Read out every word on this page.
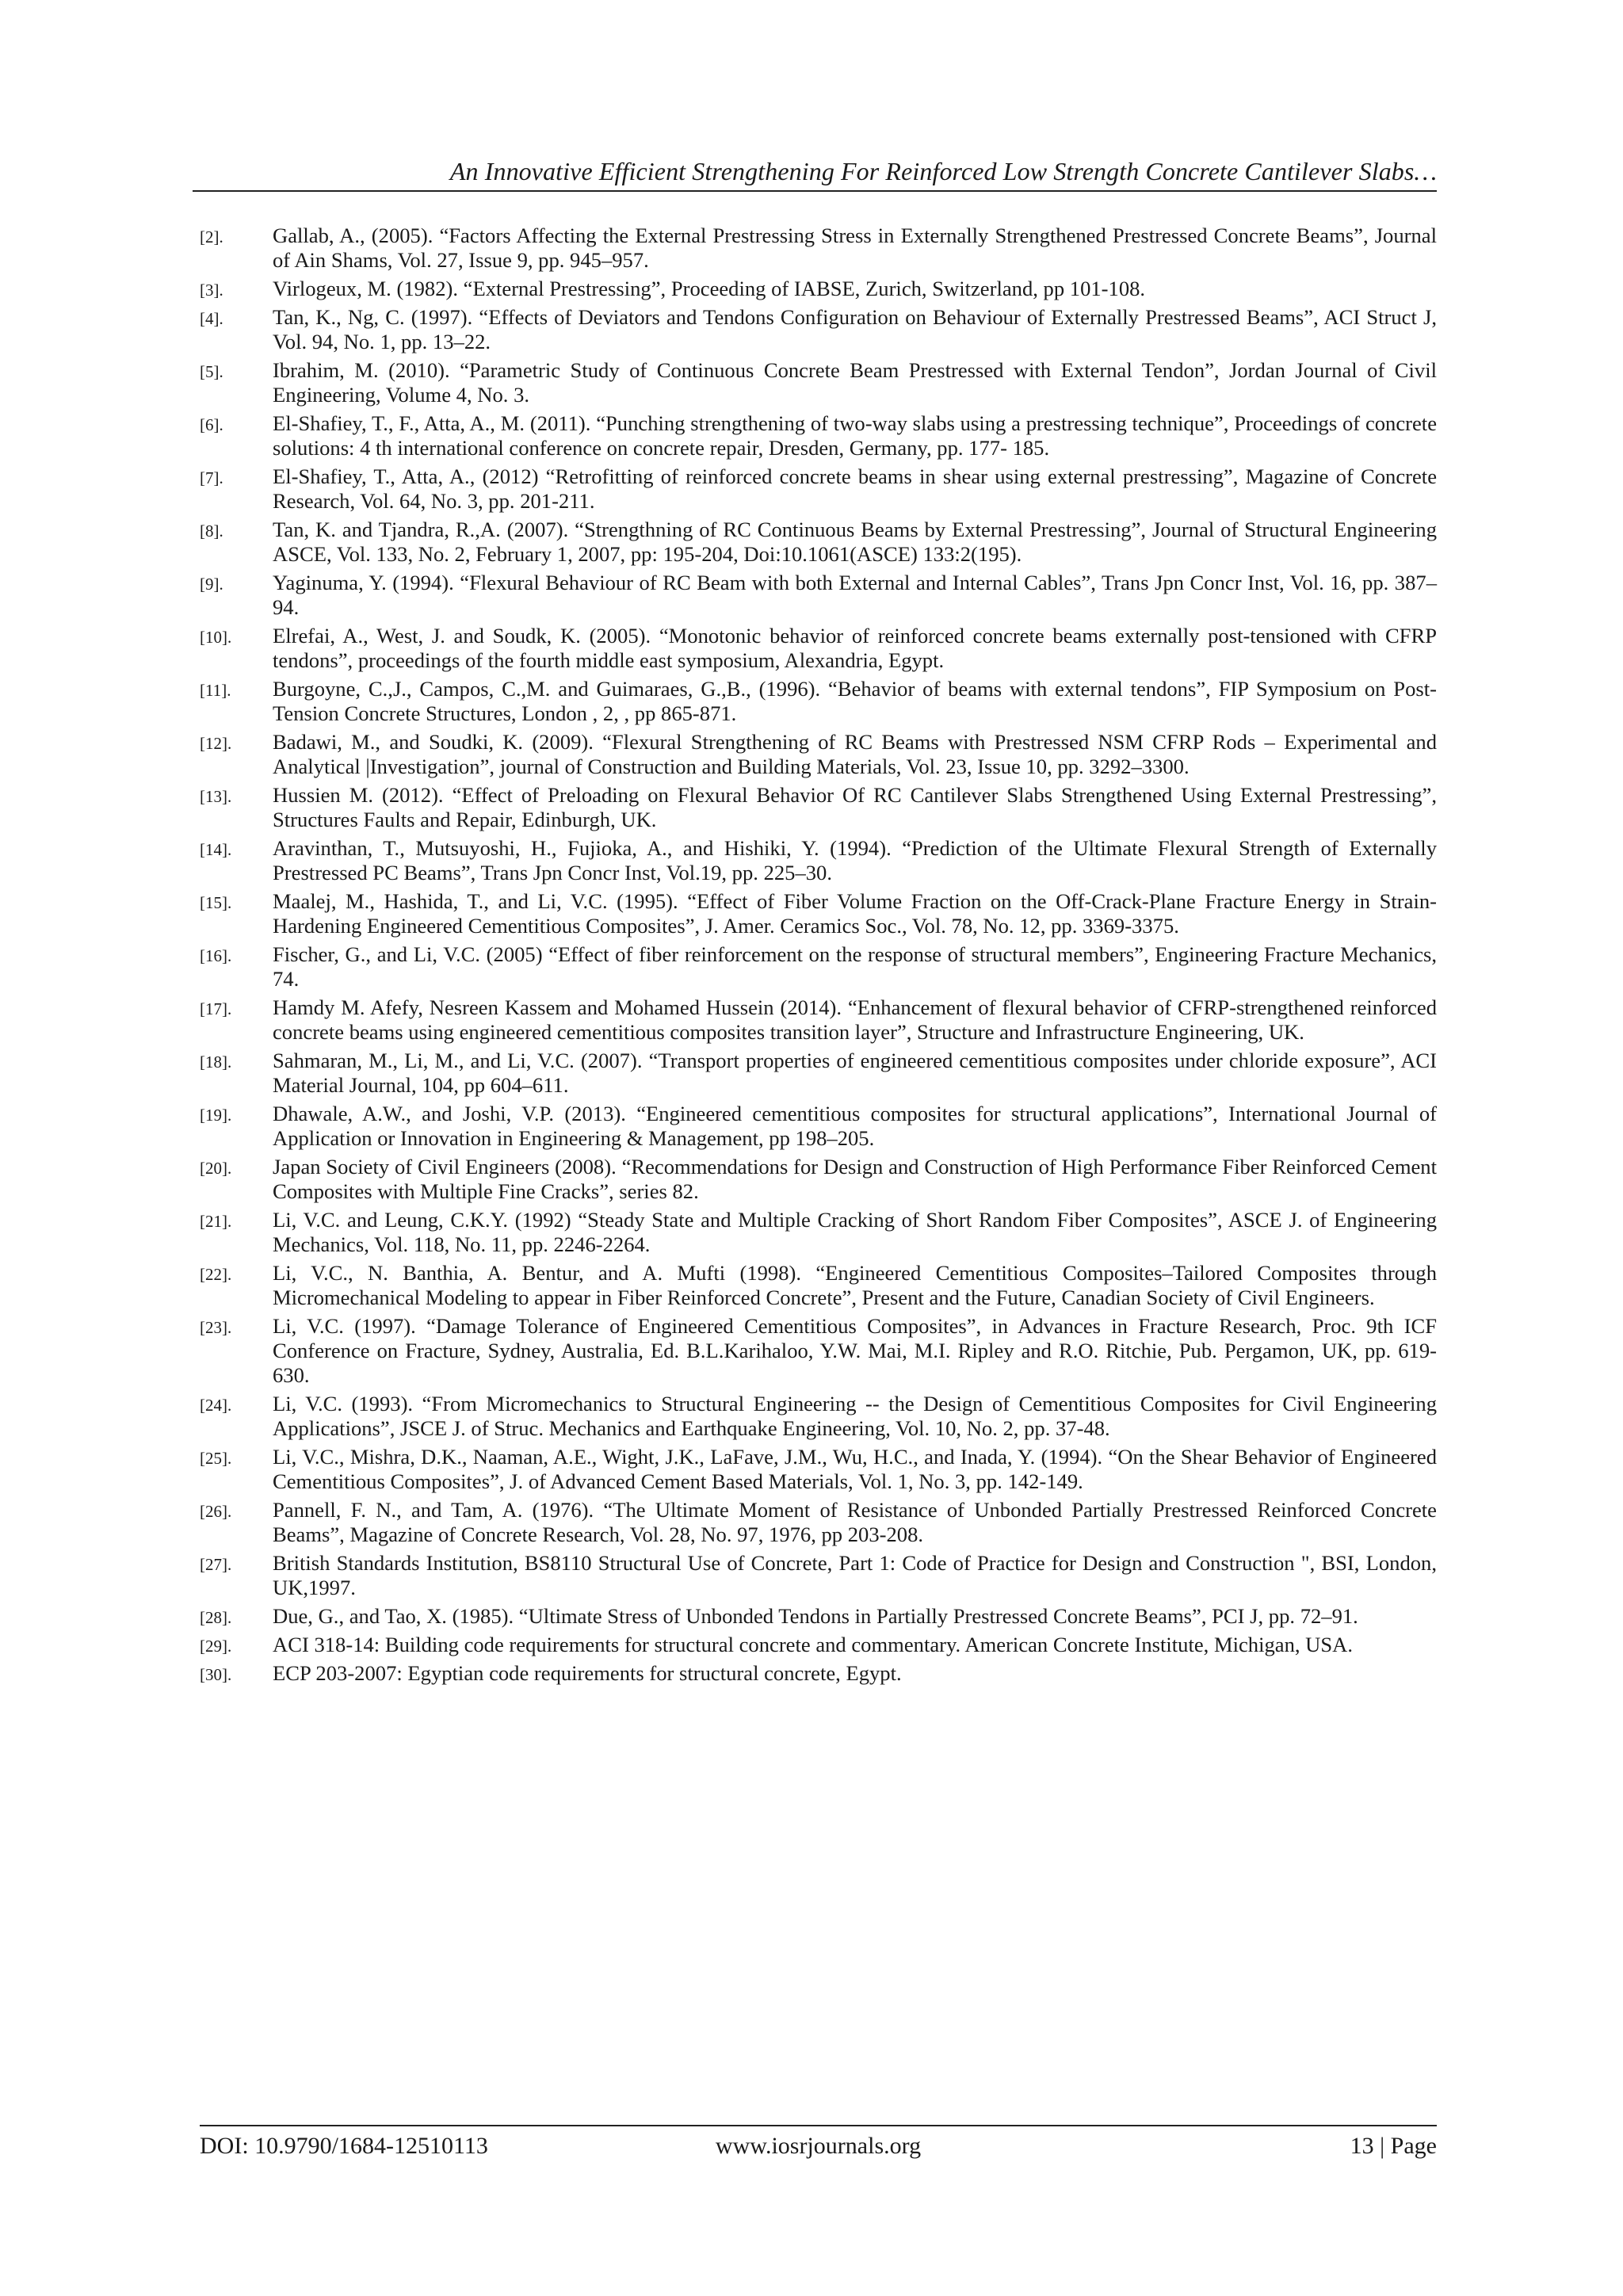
An Innovative Efficient Strengthening For Reinforced Low Strength Concrete Cantilever Slabs…
[2]. Gallab, A., (2005). “Factors Affecting the External Prestressing Stress in Externally Strengthened Prestressed Concrete Beams”, Journal of Ain Shams, Vol. 27, Issue 9, pp. 945–957.
[3]. Virlogeux, M. (1982). “External Prestressing”, Proceeding of IABSE, Zurich, Switzerland, pp 101-108.
[4]. Tan, K., Ng, C. (1997). “Effects of Deviators and Tendons Configuration on Behaviour of Externally Prestressed Beams”, ACI Struct J, Vol. 94, No. 1, pp. 13–22.
[5]. Ibrahim, M. (2010). “Parametric Study of Continuous Concrete Beam Prestressed with External Tendon”, Jordan Journal of Civil Engineering, Volume 4, No. 3.
[6]. El-Shafiey, T., F., Atta, A., M. (2011). “Punching strengthening of two-way slabs using a prestressing technique”, Proceedings of concrete solutions: 4 th international conference on concrete repair, Dresden, Germany, pp. 177- 185.
[7]. El-Shafiey, T., Atta, A., (2012) “Retrofitting of reinforced concrete beams in shear using external prestressing”, Magazine of Concrete Research, Vol. 64, No. 3, pp. 201-211.
[8]. Tan, K. and Tjandra, R.,A. (2007). “Strengthning of RC Continuous Beams by External Prestressing”, Journal of Structural Engineering ASCE, Vol. 133, No. 2, February 1, 2007, pp: 195-204, Doi:10.1061(ASCE) 133:2(195).
[9]. Yaginuma, Y. (1994). “Flexural Behaviour of RC Beam with both External and Internal Cables”, Trans Jpn Concr Inst, Vol. 16, pp. 387–94.
[10]. Elrefai, A., West, J. and Soudk, K. (2005). “Monotonic behavior of reinforced concrete beams externally post-tensioned with CFRP tendons”, proceedings of the fourth middle east symposium, Alexandria, Egypt.
[11]. Burgoyne, C.,J., Campos, C.,M. and Guimaraes, G.,B., (1996). “Behavior of beams with external tendons”, FIP Symposium on Post-Tension Concrete Structures, London , 2, , pp 865-871.
[12]. Badawi, M., and Soudki, K. (2009). “Flexural Strengthening of RC Beams with Prestressed NSM CFRP Rods – Experimental and Analytical |Investigation”, journal of Construction and Building Materials, Vol. 23, Issue 10, pp. 3292–3300.
[13]. Hussien M. (2012). “Effect of Preloading on Flexural Behavior Of RC Cantilever Slabs Strengthened Using External Prestressing”, Structures Faults and Repair, Edinburgh, UK.
[14]. Aravinthan, T., Mutsuyoshi, H., Fujioka, A., and Hishiki, Y. (1994). “Prediction of the Ultimate Flexural Strength of Externally Prestressed PC Beams”, Trans Jpn Concr Inst, Vol.19, pp. 225–30.
[15]. Maalej, M., Hashida, T., and Li, V.C. (1995). “Effect of Fiber Volume Fraction on the Off-Crack-Plane Fracture Energy in Strain-Hardening Engineered Cementitious Composites”, J. Amer. Ceramics Soc., Vol. 78, No. 12, pp. 3369-3375.
[16]. Fischer, G., and Li, V.C. (2005) “Effect of fiber reinforcement on the response of structural members”, Engineering Fracture Mechanics, 74.
[17]. Hamdy M. Afefy, Nesreen Kassem and Mohamed Hussein (2014). “Enhancement of flexural behavior of CFRP-strengthened reinforced concrete beams using engineered cementitious composites transition layer”, Structure and Infrastructure Engineering, UK.
[18]. Sahmaran, M., Li, M., and Li, V.C. (2007). “Transport properties of engineered cementitious composites under chloride exposure”, ACI Material Journal, 104, pp 604–611.
[19]. Dhawale, A.W., and Joshi, V.P. (2013). “Engineered cementitious composites for structural applications”, International Journal of Application or Innovation in Engineering & Management, pp 198–205.
[20]. Japan Society of Civil Engineers (2008). “Recommendations for Design and Construction of High Performance Fiber Reinforced Cement Composites with Multiple Fine Cracks”, series 82.
[21]. Li, V.C. and Leung, C.K.Y. (1992) “Steady State and Multiple Cracking of Short Random Fiber Composites”, ASCE J. of Engineering Mechanics, Vol. 118, No. 11, pp. 2246-2264.
[22]. Li, V.C., N. Banthia, A. Bentur, and A. Mufti (1998). “Engineered Cementitious Composites–Tailored Composites through Micromechanical Modeling to appear in Fiber Reinforced Concrete”, Present and the Future, Canadian Society of Civil Engineers.
[23]. Li, V.C. (1997). “Damage Tolerance of Engineered Cementitious Composites”, in Advances in Fracture Research, Proc. 9th ICF Conference on Fracture, Sydney, Australia, Ed. B.L.Karihaloo, Y.W. Mai, M.I. Ripley and R.O. Ritchie, Pub. Pergamon, UK, pp. 619-630.
[24]. Li, V.C. (1993). “From Micromechanics to Structural Engineering -- the Design of Cementitious Composites for Civil Engineering Applications”, JSCE J. of Struc. Mechanics and Earthquake Engineering, Vol. 10, No. 2, pp. 37-48.
[25]. Li, V.C., Mishra, D.K., Naaman, A.E., Wight, J.K., LaFave, J.M., Wu, H.C., and Inada, Y. (1994). “On the Shear Behavior of Engineered Cementitious Composites”, J. of Advanced Cement Based Materials, Vol. 1, No. 3, pp. 142-149.
[26]. Pannell, F. N., and Tam, A. (1976). “The Ultimate Moment of Resistance of Unbonded Partially Prestressed Reinforced Concrete Beams”, Magazine of Concrete Research, Vol. 28, No. 97, 1976, pp 203-208.
[27]. British Standards Institution, BS8110 Structural Use of Concrete, Part 1: Code of Practice for Design and Construction ", BSI, London, UK,1997.
[28]. Due, G., and Tao, X. (1985). “Ultimate Stress of Unbonded Tendons in Partially Prestressed Concrete Beams”, PCI J, pp. 72–91.
[29]. ACI 318-14: Building code requirements for structural concrete and commentary. American Concrete Institute, Michigan, USA.
[30]. ECP 203-2007: Egyptian code requirements for structural concrete, Egypt.
DOI: 10.9790/1684-12510113	www.iosrjournals.org	13 | Page
